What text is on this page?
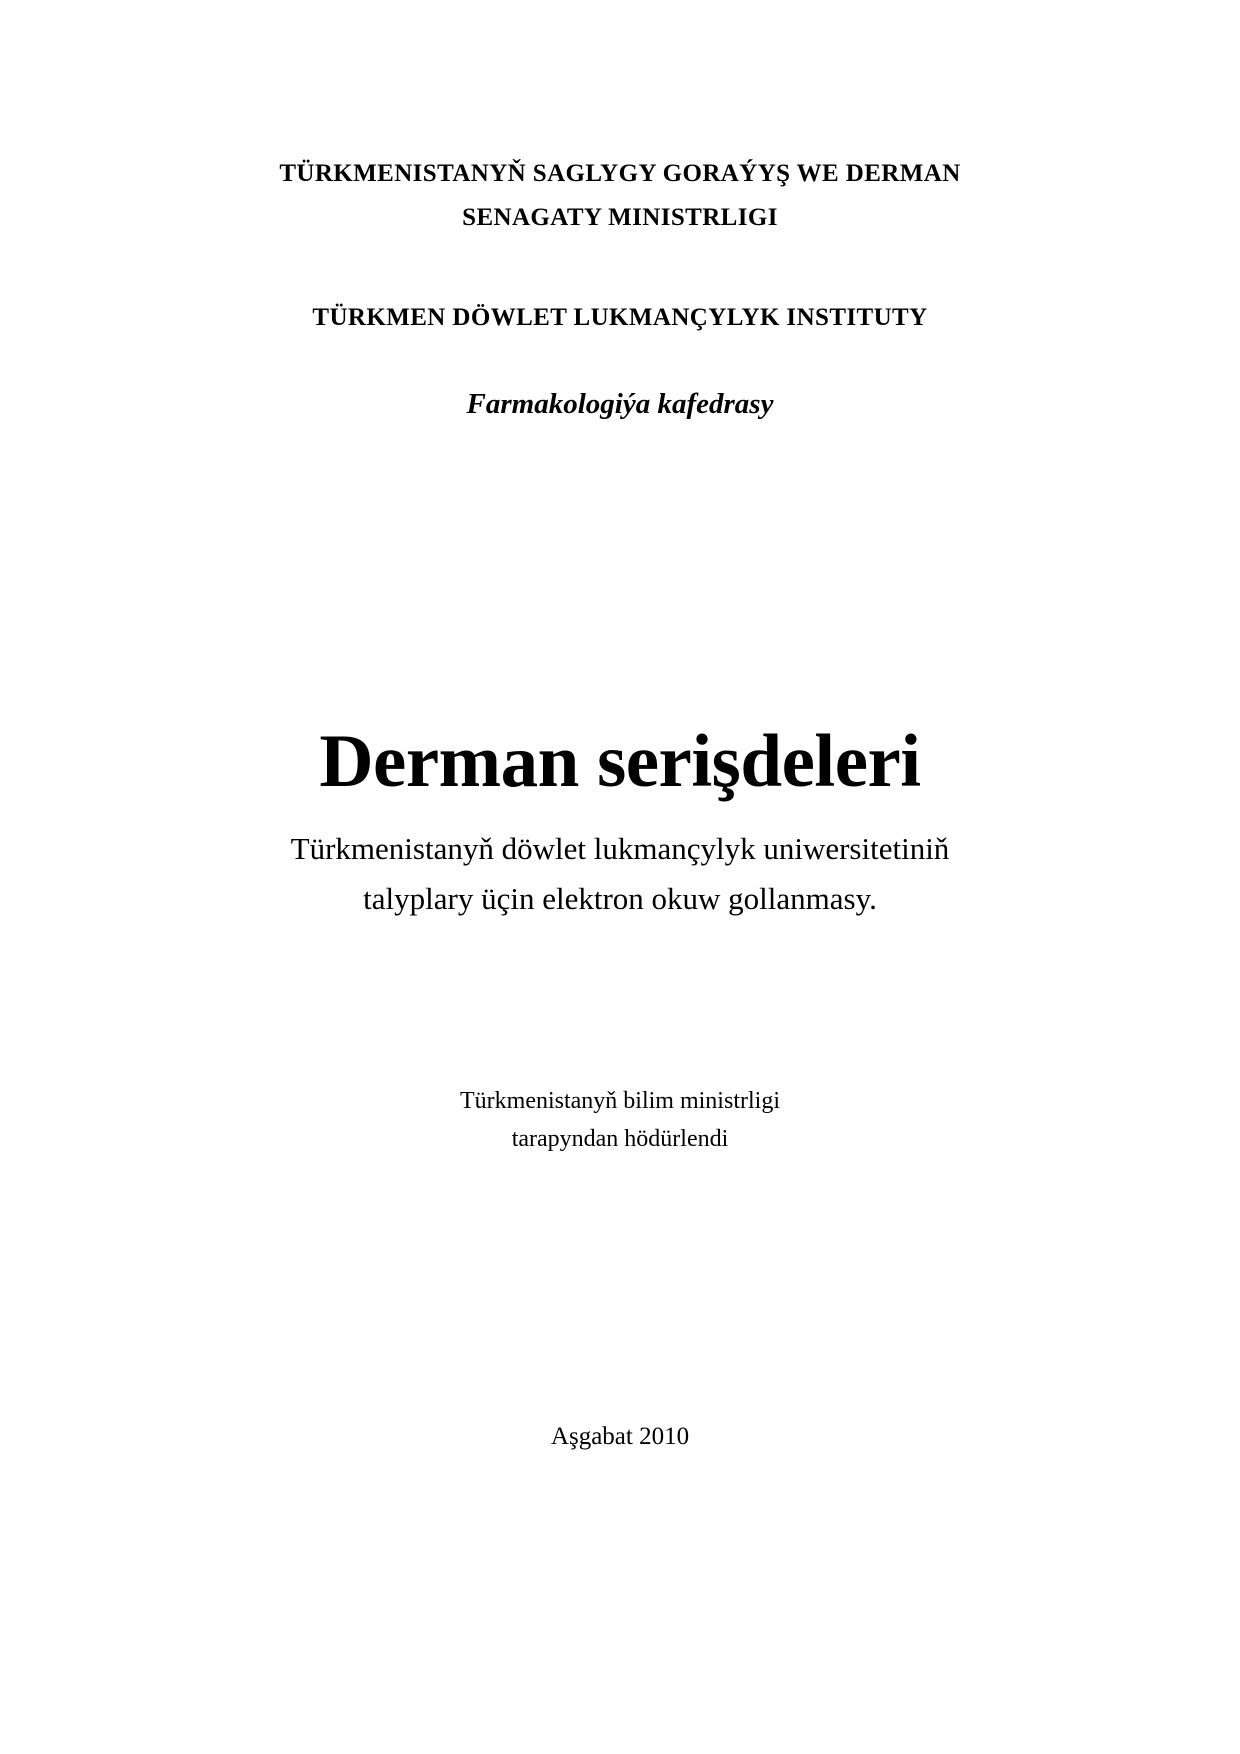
TÜRKMENISTANYŇ SAGLYGY GORAÝYŞ WE DERMAN

SENAGATY MINISTRLIGI

TÜRKMEN DÖWLET LUKMANÇYLYK INSTITUTY

Farmakologiýa kafedrasy

Derman serişdeleri

Türkmenistanyň döwlet lukmançylyk uniwersitetiniň

talyplary üçin elektron okuw gollanmasy.

Türkmenistanyň bilim ministrligi

tarapyndan hödürlendi

Aşgabat 2010
